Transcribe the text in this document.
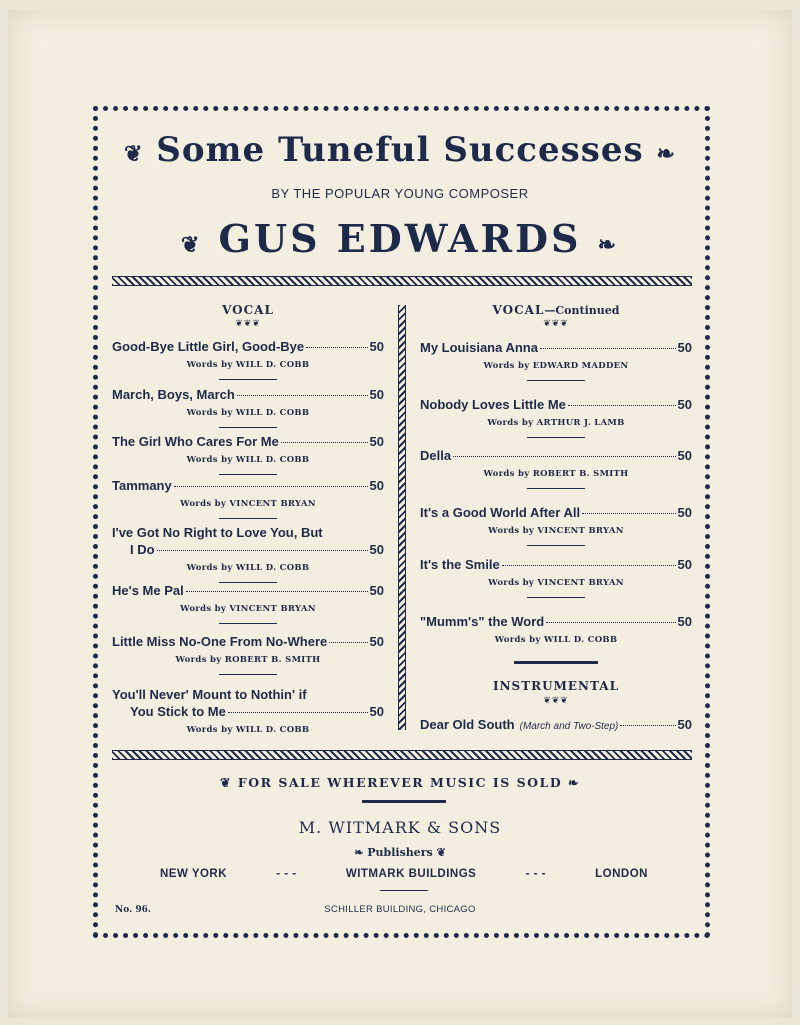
❦ Some Tuneful Successes ❧
BY THE POPULAR YOUNG COMPOSER
❦ GUS EDWARDS ❧
VOCAL
❦❦❦
Good-Bye Little Girl, Good-Bye	50
Words by WILL D. COBB
March, Boys, March	50
Words by WILL D. COBB
The Girl Who Cares For Me	50
Words by WILL D. COBB
Tammany	50
Words by VINCENT BRYAN
I've Got No Right to Love You, But
I Do	50
Words by WILL D. COBB
He's Me Pal	50
Words by VINCENT BRYAN
Little Miss No-One From No-Where	50
Words by ROBERT B. SMITH
You'll Never' Mount to Nothin' if
You Stick to Me	50
Words by WILL D. COBB
VOCAL—Continued
❦❦❦
My Louisiana Anna	50
Words by EDWARD MADDEN
Nobody Loves Little Me	50
Words by ARTHUR J. LAMB
Della	50
Words by ROBERT B. SMITH
It's a Good World After All	50
Words by VINCENT BRYAN
It's the Smile	50
Words by VINCENT BRYAN
"Mumm's" the Word	50
Words by WILL D. COBB
INSTRUMENTAL
❦❦❦
Dear Old South (March and Two-Step)	50
❦ FOR SALE WHEREVER MUSIC IS SOLD ❧
M. WITMARK & SONS
❧ Publishers ❦
NEW YORK	- - -	WITMARK BUILDINGS	- - -	LONDON
No. 96.	SCHILLER BUILDING, CHICAGO
